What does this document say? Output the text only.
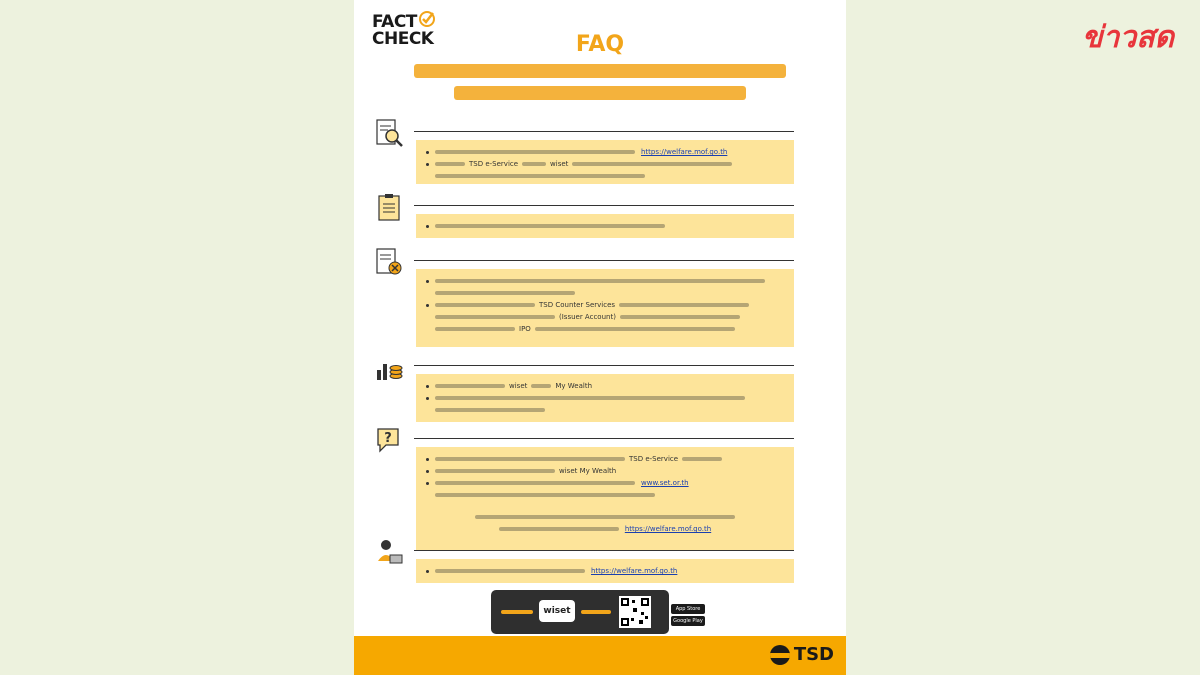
ข่าวสด
FACT
CHECK	FAQ
https://welfare.mof.go.th
TSD e-Service	wiset
TSD Counter Services
(Issuer Account)
IPO
wiset	My Wealth
?
TSD e-Service
wiset My Wealth
www.set.or.th
https://welfare.mof.go.th
https://welfare.mof.go.th
wiset	App Store
Google Play
TSD
